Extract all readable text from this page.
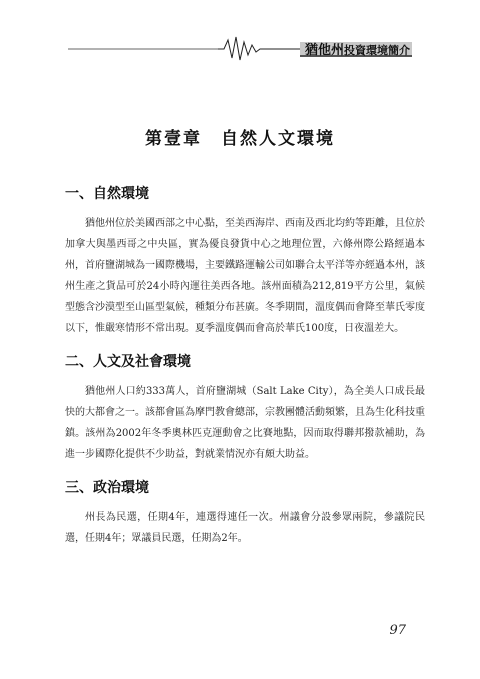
猶他州投資環境簡介
第壹章　自然人文環境
一、自然環境

猶他州位於美國西部之中心點，至美西海岸、西南及西北均約等距離，且位於加拿大與墨西哥之中央區，實為優良發貨中心之地理位置，六條州際公路經過本州，首府鹽湖城為一國際機場，主要鐵路運輸公司如聯合太平洋等亦經過本州，該州生產之貨品可於24小時內運往美西各地。該州面積為212,819平方公里，氣候型態含沙漠型至山區型氣候，種類分布甚廣。冬季期間，溫度偶而會降至華氏零度以下，惟嚴寒情形不常出現。夏季溫度偶而會高於華氏100度，日夜溫差大。

二、人文及社會環境

猶他州人口約333萬人，首府鹽湖城（Salt Lake City），為全美人口成長最快的大都會之一。該都會區為摩門教會總部，宗教團體活動頻繁，且為生化科技重鎮。該州為2002年冬季奧林匹克運動會之比賽地點，因而取得聯邦撥款補助，為進一步國際化提供不少助益，對就業情況亦有頗大助益。

三、政治環境

州長為民選，任期4年，連選得連任一次。州議會分設參眾兩院，參議院民選，任期4年；眾議員民選，任期為2年。

97
